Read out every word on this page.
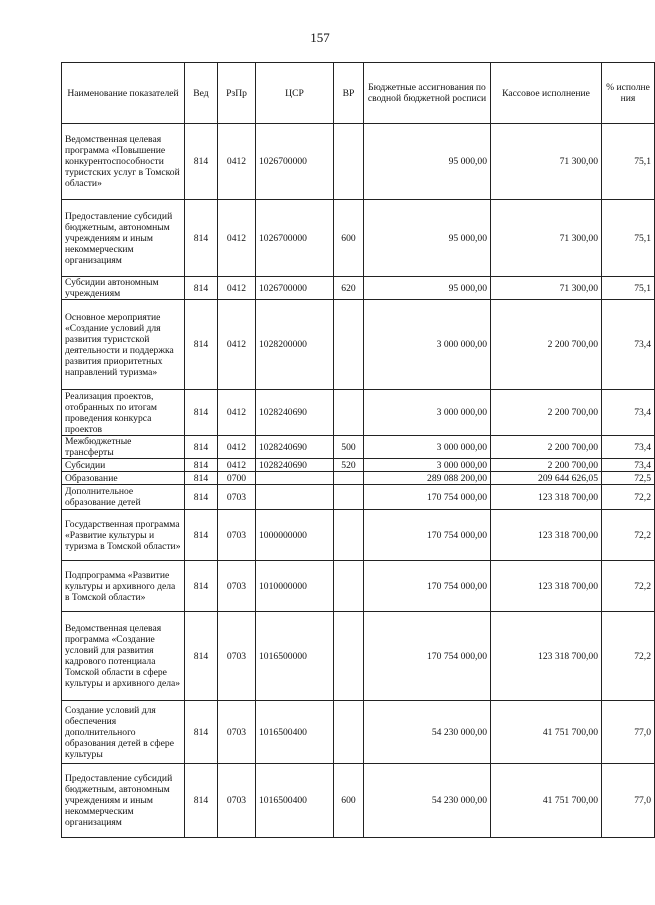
157
Наименование показателей	Вед	РзПр	ЦСР	ВР	Бюджетные ассигнования по сводной бюджетной росписи	Кассовое исполнение	% исполне ния
Ведомственная целевая программа «Повышение конкурентоспособности туристских услуг в Томской области»	814	0412	1026700000		95 000,00	71 300,00	75,1
Предоставление субсидий бюджетным, автономным учреждениям и иным некоммерческим организациям	814	0412	1026700000	600	95 000,00	71 300,00	75,1
Субсидии автономным учреждениям	814	0412	1026700000	620	95 000,00	71 300,00	75,1
Основное мероприятие «Создание условий для развития туристской деятельности и поддержка развития приоритетных направлений туризма»	814	0412	1028200000		3 000 000,00	2 200 700,00	73,4
Реализация проектов, отобранных по итогам проведения конкурса проектов	814	0412	1028240690		3 000 000,00	2 200 700,00	73,4
Межбюджетные трансферты	814	0412	1028240690	500	3 000 000,00	2 200 700,00	73,4
Субсидии	814	0412	1028240690	520	3 000 000,00	2 200 700,00	73,4
Образование	814	0700			289 088 200,00	209 644 626,05	72,5
Дополнительное образование детей	814	0703			170 754 000,00	123 318 700,00	72,2
Государственная программа «Развитие культуры и туризма в Томской области»	814	0703	1000000000		170 754 000,00	123 318 700,00	72,2
Подпрограмма «Развитие культуры и архивного дела в Томской области»	814	0703	1010000000		170 754 000,00	123 318 700,00	72,2
Ведомственная целевая программа «Создание условий для развития кадрового потенциала Томской области в сфере культуры и архивного дела»	814	0703	1016500000		170 754 000,00	123 318 700,00	72,2
Создание условий для обеспечения дополнительного образования детей в сфере культуры	814	0703	1016500400		54 230 000,00	41 751 700,00	77,0
Предоставление субсидий бюджетным, автономным учреждениям и иным некоммерческим организациям	814	0703	1016500400	600	54 230 000,00	41 751 700,00	77,0
